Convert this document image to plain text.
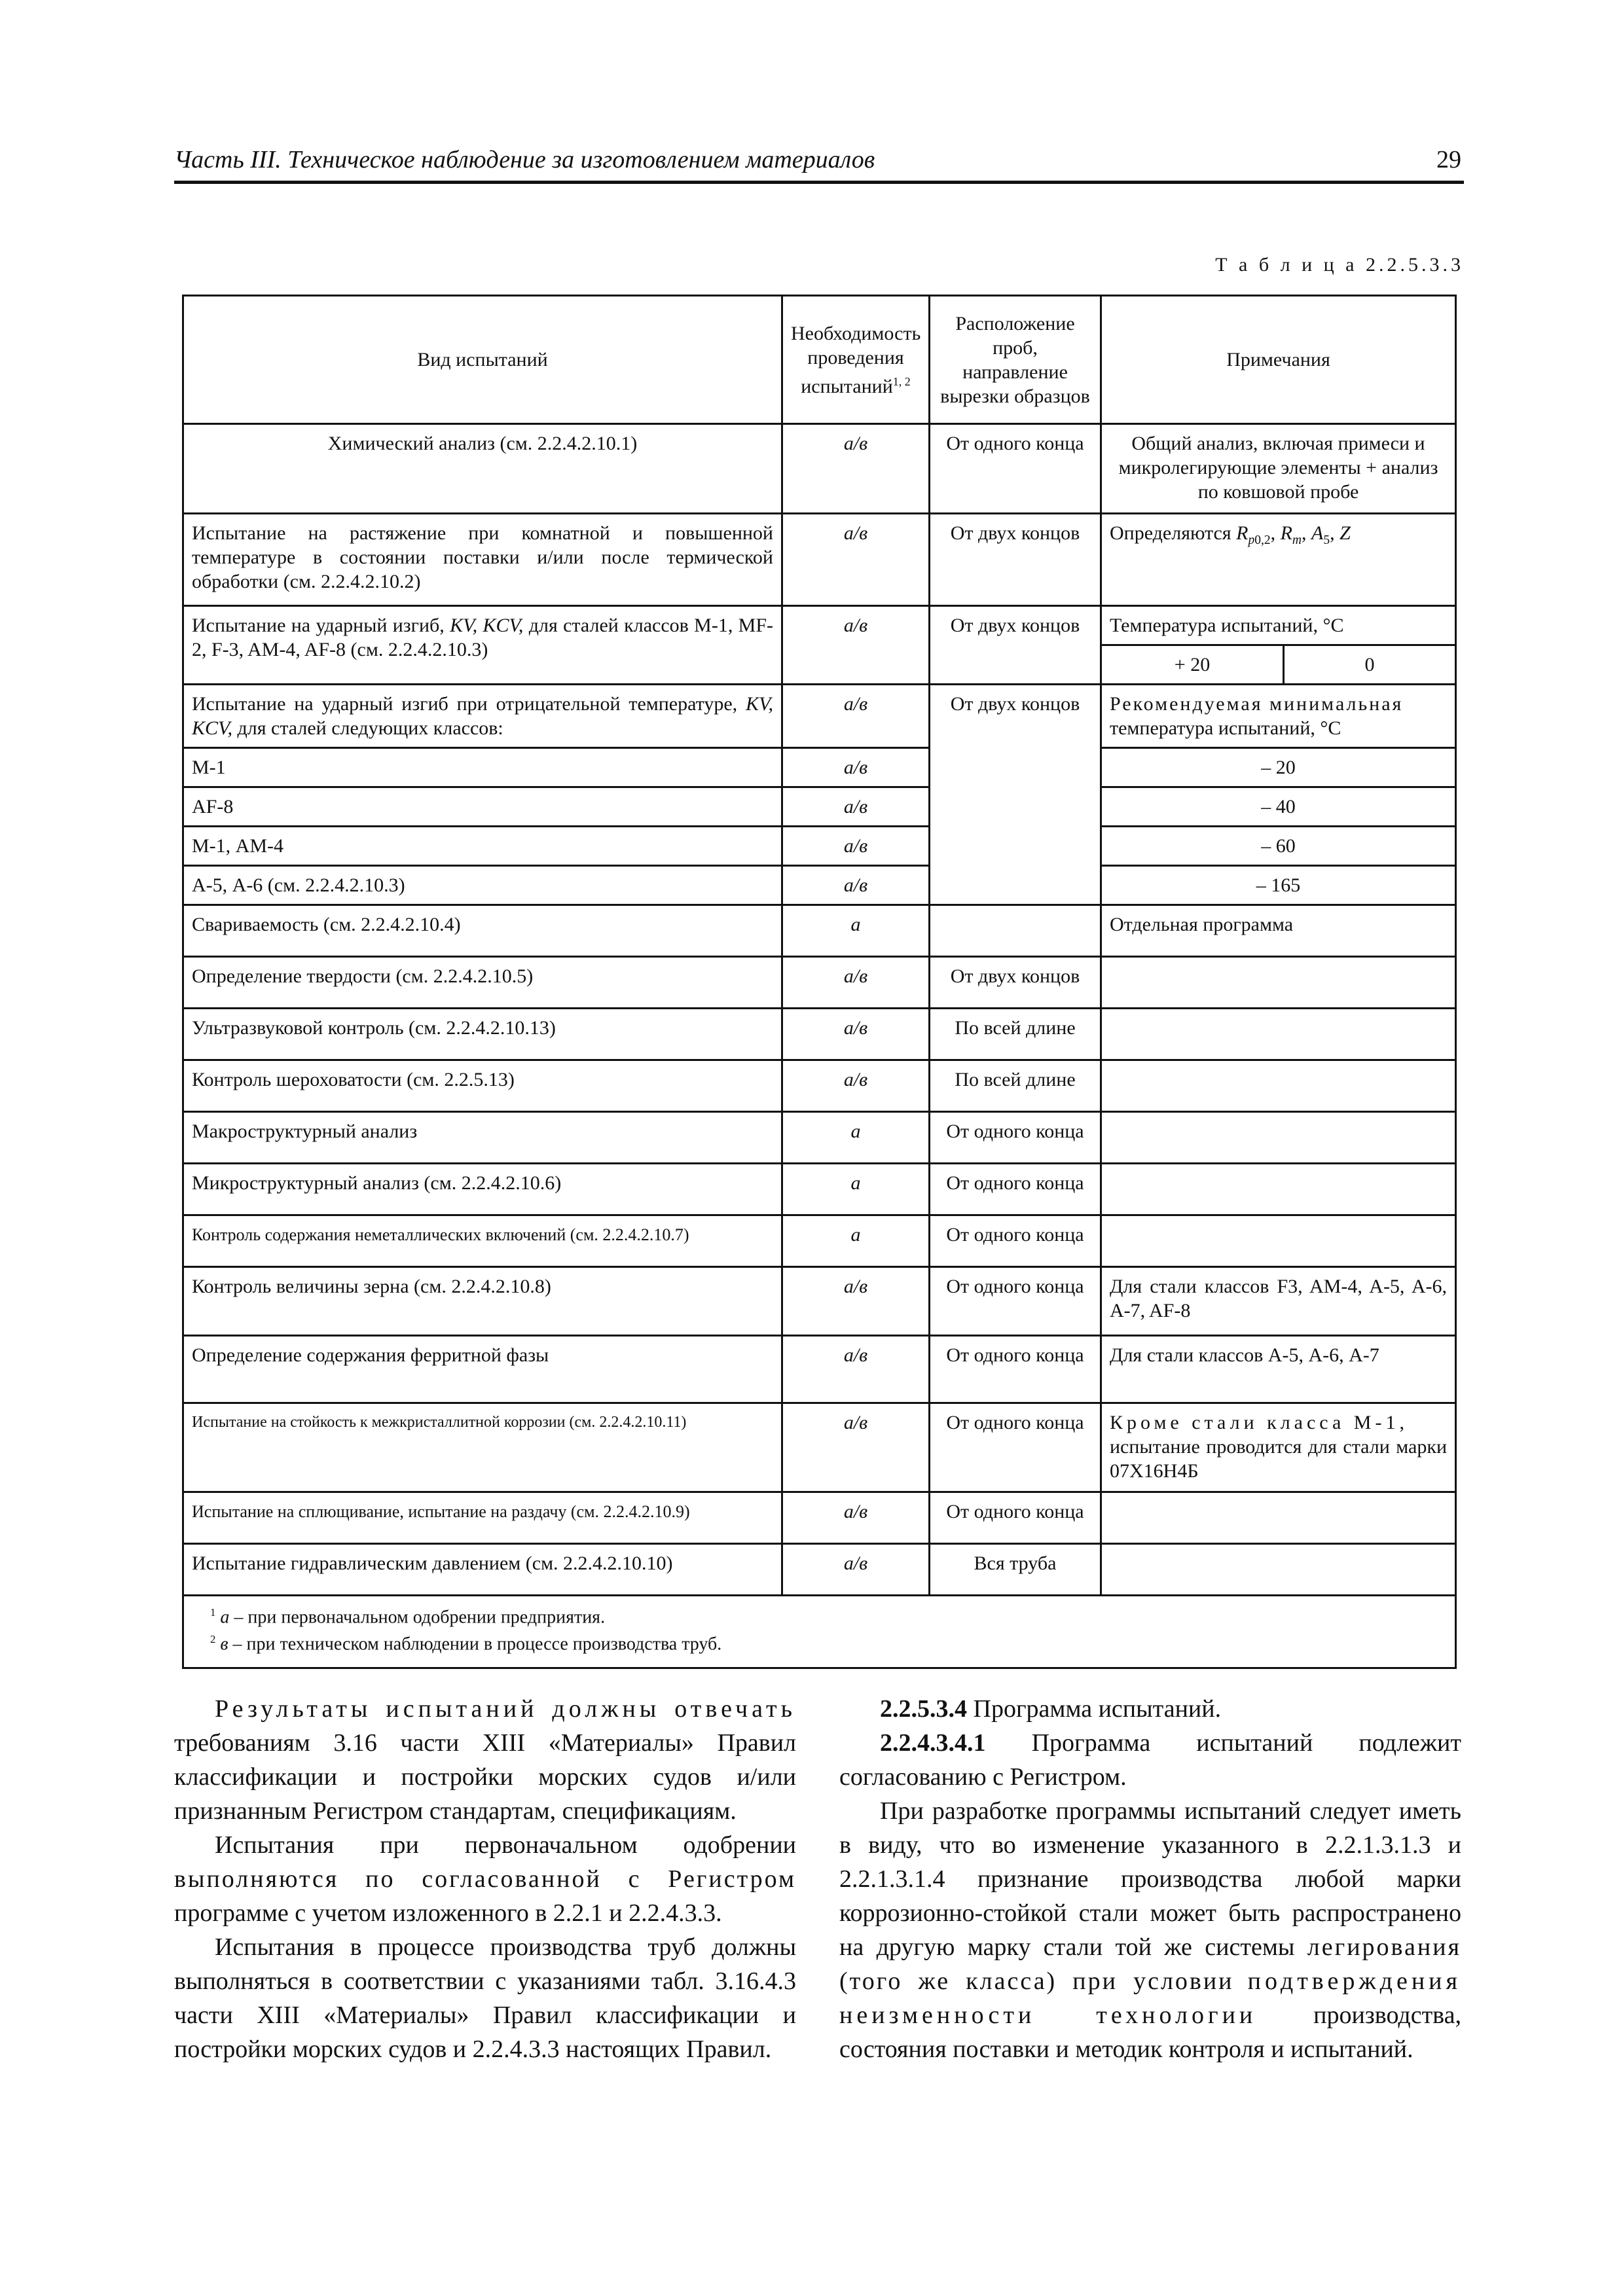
Часть III. Техническое наблюдение за изготовлением материалов	29
Т а б л и ц а 2.2.5.3.3
Вид испытаний	Необходимость проведения испытаний$^{1, 2}$	Расположение проб, направление вырезки образцов	Примечания	
Химический анализ (см. 2.2.4.2.10.1)	а/в	От одного конца	Общий анализ, включая примеси и микролегирующие элементы + анализ по ковшовой пробе	
Испытание на растяжение при комнатной и повышенной температуре в состоянии поставки и/или после термической обработки (см. 2.2.4.2.10.2)	а/в	От двух концов	Определяются $R_{p0,2}$, $R_m$, $A_5$, Z	
Испытание на ударный изгиб, KV, KCV, для сталей классов М-1, MF-2, F-3, AM-4, AF-8 (см. 2.2.4.2.10.3)	а/в	От двух концов	Температура испытаний, °С	
			+ 20	0
Испытание на ударный изгиб при отрицательной температуре, KV, KCV, для сталей следующих классов:	а/в	От двух концов	Рекомендуемая минимальная
температура испытаний, °С	

М-1	а/в		– 20	
AF-8	а/в		– 40	
М-1, АМ-4	а/в		– 60	
А-5, А-6 (см. 2.2.4.2.10.3)	а/в		– 165	
Свариваемость (см. 2.2.4.2.10.4)	а		Отдельная программа	
Определение твердости (см. 2.2.4.2.10.5)	а/в	От двух концов		
Ультразвуковой контроль (см. 2.2.4.2.10.13)	а/в	По всей длине		
Контроль шероховатости (см. 2.2.5.13)	а/в	По всей длине		
Макроструктурный анализ	а	От одного конца		
Микроструктурный анализ (см. 2.2.4.2.10.6)	а	От одного конца		
Контроль содержания неметаллических включений (см. 2.2.4.2.10.7)	а	От одного конца		
Контроль величины зерна (см. 2.2.4.2.10.8)	а/в	От одного конца	Для стали классов F3, AM-4, A-5, A-6, A-7, AF-8	
Определение содержания ферритной фазы	а/в	От одного конца	Для стали классов А-5, А-6, А-7	
Испытание на стойкость к межкристаллитной коррозии (см. 2.2.4.2.10.11)	а/в	От одного конца	Кроме стали класса М-1,
испытание проводится для стали марки 07Х16Н4Б	

Испытание на сплющивание, испытание на раздачу (см. 2.2.4.2.10.9)	а/в	От одного конца		
Испытание гидравлическим давлением (см. 2.2.4.2.10.10)	а/в	Вся труба		

$^1$ а – при первоначальном одобрении предприятия.
$^2$ в – при техническом наблюдении в процессе производства труб.				

Результаты испытаний должны отвечать требованиям 3.16 части XIII «Материалы» Правил классификации и постройки морских судов и/или признанным Регистром стандартам, спецификациям.

Испытания при первоначальном одобрении выполняются по согласованной с Регистром программе с учетом изложенного в 2.2.1 и 2.2.4.3.3.

Испытания в процессе производства труб должны выполняться в соответствии с указаниями табл. 3.16.4.3 части XIII «Материалы» Правил классификации и постройки морских судов и 2.2.4.3.3 настоящих Правил.

2.2.5.3.4 Программа испытаний.

2.2.4.3.4.1 Программа испытаний подлежит согласованию с Регистром.

При разработке программы испытаний следует иметь в виду, что во изменение указанного в 2.2.1.3.1.3 и 2.2.1.3.1.4 признание производства любой марки коррозионно-стойкой стали может быть распространено на другую марку стали той же системы легирования (того же класса) при условии подтверждения неизменности технологии производства, состояния поставки и методик контроля и испытаний.
